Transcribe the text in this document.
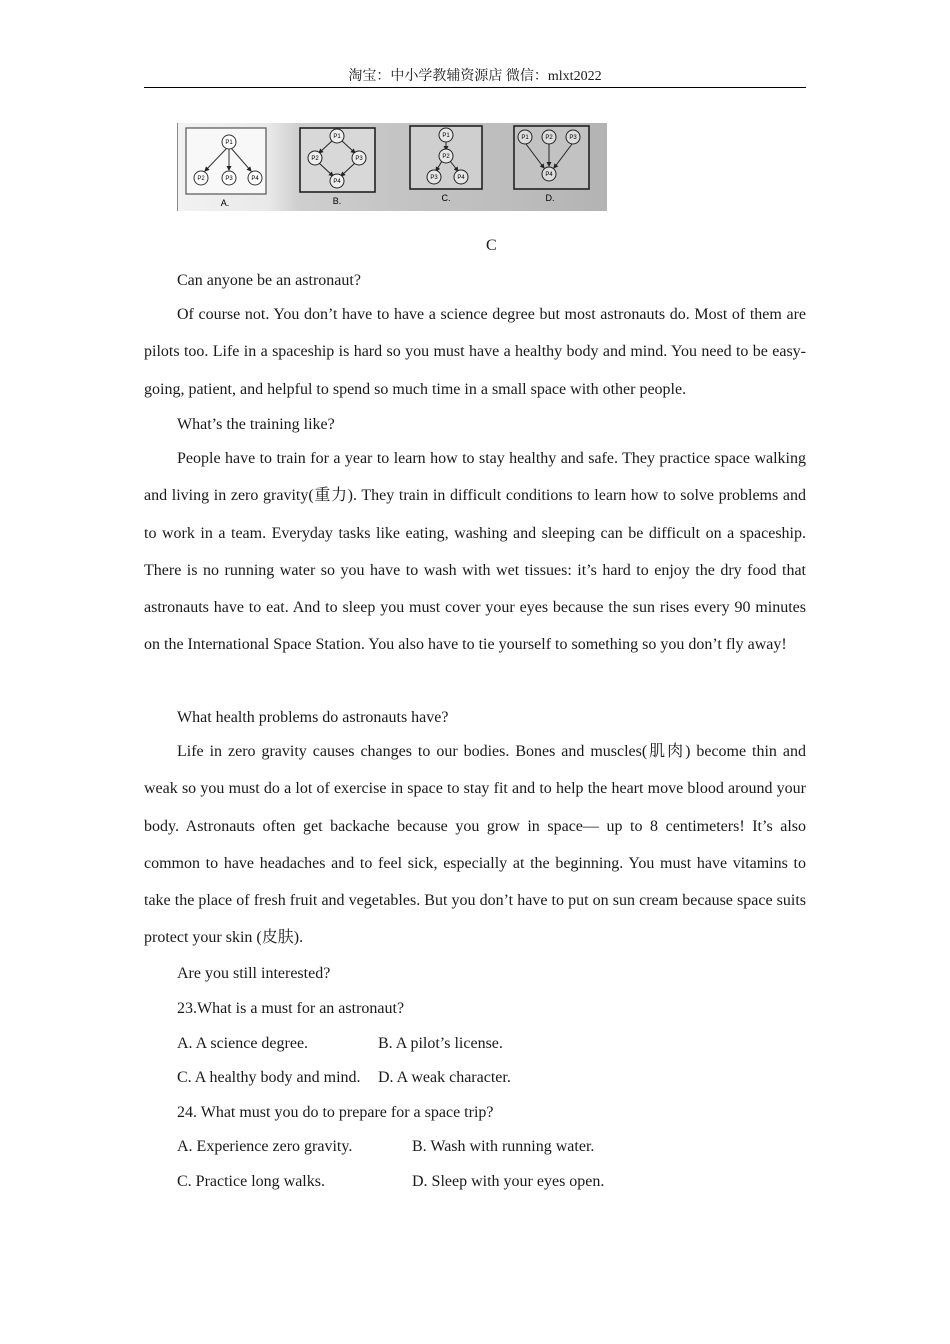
淘宝：中小学教辅资源店 微信：mlxt2022
P1
P2	P3	P4
A.
P1
P2	P3
P4
B.
P1
P2
P3	P4
C.
P1	P2	P3
P4
D.
C
Can anyone be an astronaut?
Of course not. You don’t have to have a science degree but most astronauts do. Most of them are pilots too. Life in a spaceship is hard so you must have a healthy body and mind. You need to be easy-going, patient, and helpful to spend so much time in a small space with other people.
What’s the training like?
People have to train for a year to learn how to stay healthy and safe. They practice space walking and living in zero gravity(重力). They train in difficult conditions to learn how to solve problems and to work in a team. Everyday tasks like eating, washing and sleeping can be difficult on a spaceship. There is no running water so you have to wash with wet tissues: it’s hard to enjoy the dry food that astronauts have to eat. And to sleep you must cover your eyes because the sun rises every 90 minutes on the International Space Station. You also have to tie yourself to something so you don’t fly away!
What health problems do astronauts have?
Life in zero gravity causes changes to our bodies. Bones and muscles(肌肉) become thin and weak so you must do a lot of exercise in space to stay fit and to help the heart move blood around your body. Astronauts often get backache because you grow in space— up to 8 centimeters! It’s also common to have headaches and to feel sick, especially at the beginning. You must have vitamins to take the place of fresh fruit and vegetables. But you don’t have to put on sun cream because space suits protect your skin (皮肤).
Are you still interested?
23.What is a must for an astronaut?
A. A science degree.	B. A pilot’s license.
C. A healthy body and mind. D. A weak character.
24. What must you do to prepare for a space trip?
A. Experience zero gravity.	B. Wash with running water.
C. Practice long walks.	D. Sleep with your eyes open.
